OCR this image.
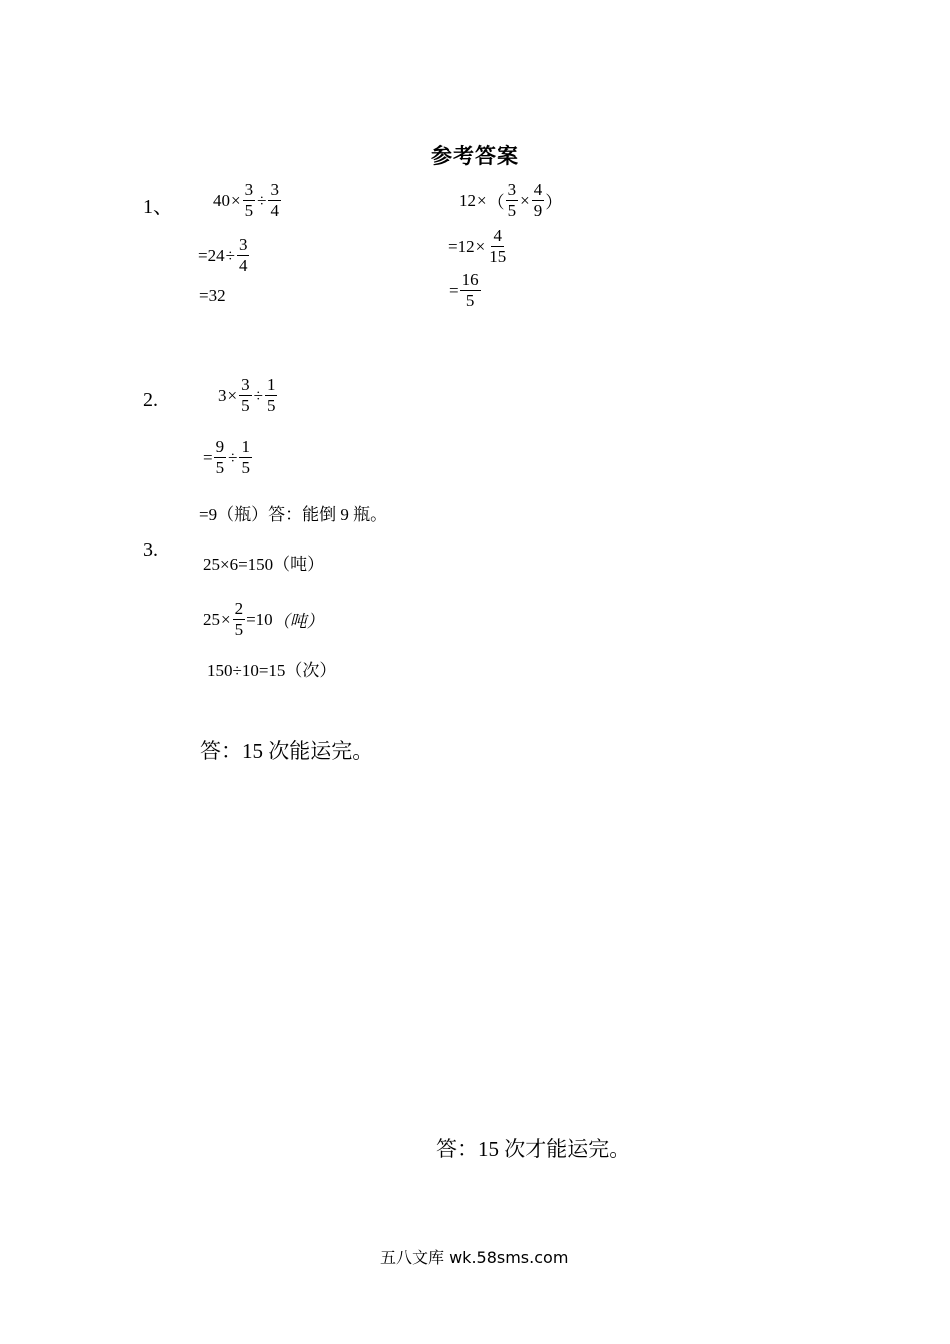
参考答案
1、 $40 \times \frac{3}{5} \div \frac{3}{4}$
$=24 \div \frac{3}{4}$
=32
12 × （ $\frac{3}{5} \times \frac{4}{9}$ ）
$=12 \times \frac{4}{15}$
= $\frac{16}{5}$
2.	$3 \times \frac{3}{5} \div \frac{1}{5}$
= $\frac{9}{5} \div \frac{1}{5}$
=9（瓶）答：能倒 9 瓶。
3.
25×6=150（吨）
$25 \times \frac{2}{5} =10$ （吨）
150÷10=15（次）
答：15 次能运完。
答：15 次才能运完。
五八文库 wk.58sms.com
